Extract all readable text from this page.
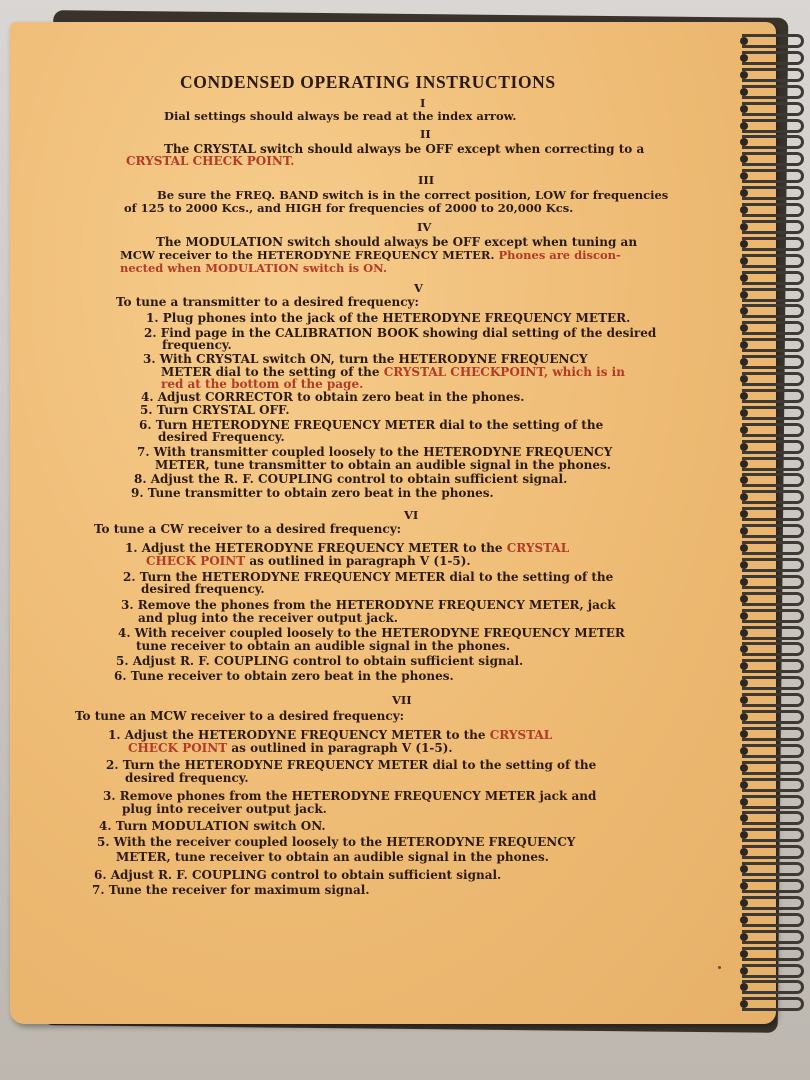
CONDENSED OPERATING INSTRUCTIONS
I
Dial settings should always be read at the index arrow.
II
The CRYSTAL switch should always be OFF except when correcting to a
CRYSTAL CHECK POINT.
III
Be sure the FREQ. BAND switch is in the correct position, LOW for frequencies
of 125 to 2000 Kcs., and HIGH for frequencies of 2000 to 20,000 Kcs.
IV
The MODULATION switch should always be OFF except when tuning an
MCW receiver to the HETERODYNE FREQUENCY METER. Phones are discon-
nected when MODULATION switch is ON.
V
To tune a transmitter to a desired frequency:
1. Plug phones into the jack of the HETERODYNE FREQUENCY METER.
2. Find page in the CALIBRATION BOOK showing dial setting of the desired
frequency.
3. With CRYSTAL switch ON, turn the HETERODYNE FREQUENCY
METER dial to the setting of the CRYSTAL CHECKPOINT, which is in
red at the bottom of the page.
4. Adjust CORRECTOR to obtain zero beat in the phones.
5. Turn CRYSTAL OFF.
6. Turn HETERODYNE FREQUENCY METER dial to the setting of the
desired Frequency.
7. With transmitter coupled loosely to the HETERODYNE FREQUENCY
METER, tune transmitter to obtain an audible signal in the phones.
8. Adjust the R. F. COUPLING control to obtain sufficient signal.
9. Tune transmitter to obtain zero beat in the phones.
VI
To tune a CW receiver to a desired frequency:
1. Adjust the HETERODYNE FREQUENCY METER to the CRYSTAL
CHECK POINT as outlined in paragraph V (1-5).
2. Turn the HETERODYNE FREQUENCY METER dial to the setting of the
desired frequency.
3. Remove the phones from the HETERODYNE FREQUENCY METER, jack
and plug into the receiver output jack.
4. With receiver coupled loosely to the HETERODYNE FREQUENCY METER
tune receiver to obtain an audible signal in the phones.
5. Adjust R. F. COUPLING control to obtain sufficient signal.
6. Tune receiver to obtain zero beat in the phones.
VII
To tune an MCW receiver to a desired frequency:
1. Adjust the HETERODYNE FREQUENCY METER to the CRYSTAL
CHECK POINT as outlined in paragraph V (1-5).
2. Turn the HETERODYNE FREQUENCY METER dial to the setting of the
desired frequency.
3. Remove phones from the HETERODYNE FREQUENCY METER jack and
plug into receiver output jack.
4. Turn MODULATION switch ON.
5. With the receiver coupled loosely to the HETERODYNE FREQUENCY
METER, tune receiver to obtain an audible signal in the phones.
6. Adjust R. F. COUPLING control to obtain sufficient signal.
7. Tune the receiver for maximum signal.
